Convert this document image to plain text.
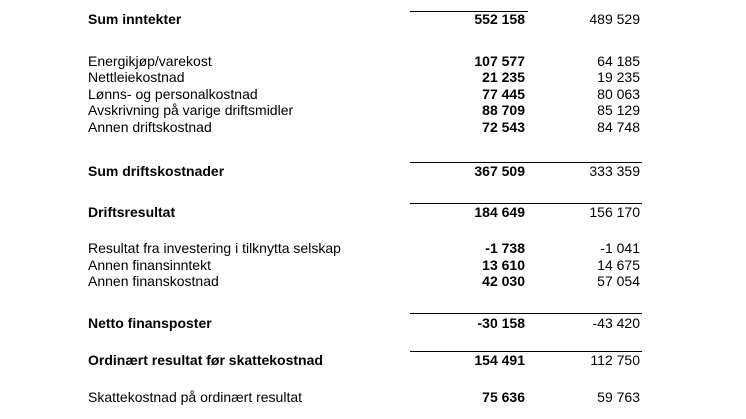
Sum inntekter	552 158	489 529
Energikjøp/varekost	107 577	64 185
Nettleiekostnad	21 235	19 235
Lønns- og personalkostnad	77 445	80 063
Avskrivning på varige driftsmidler	88 709	85 129
Annen driftskostnad	72 543	84 748
Sum driftskostnader	367 509	333 359
Driftsresultat	184 649	156 170
Resultat fra investering i tilknytta selskap	-1 738	-1 041
Annen finansinntekt	13 610	14 675
Annen finanskostnad	42 030	57 054
Netto finansposter	-30 158	-43 420
Ordinært resultat før skattekostnad	154 491	112 750
Skattekostnad på ordinært resultat	75 636	59 763
